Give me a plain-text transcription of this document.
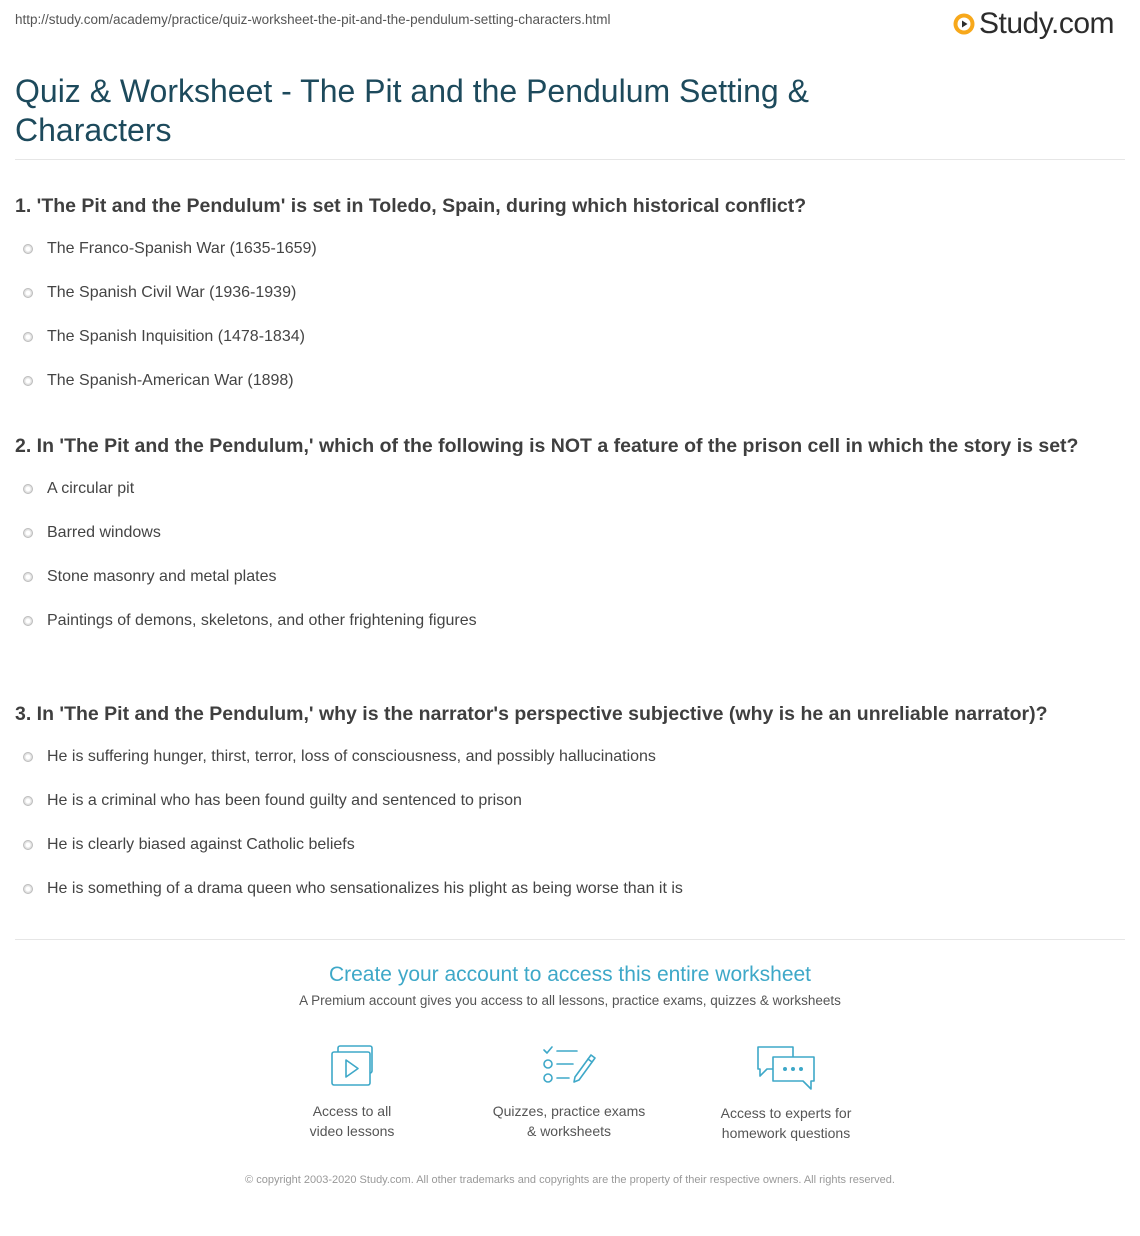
http://study.com/academy/practice/quiz-worksheet-the-pit-and-the-pendulum-setting-characters.html	Study.com
Quiz & Worksheet - The Pit and the Pendulum Setting & Characters

1. 'The Pit and the Pendulum' is set in Toledo, Spain, during which historical conflict?

The Franco-Spanish War (1635-1659)
The Spanish Civil War (1936-1939)
The Spanish Inquisition (1478-1834)
The Spanish-American War (1898)

2. In 'The Pit and the Pendulum,' which of the following is NOT a feature of the prison cell in which the story is set?

A circular pit
Barred windows
Stone masonry and metal plates
Paintings of demons, skeletons, and other frightening figures

3. In 'The Pit and the Pendulum,' why is the narrator's perspective subjective (why is he an unreliable narrator)?

He is suffering hunger, thirst, terror, loss of consciousness, and possibly hallucinations
He is a criminal who has been found guilty and sentenced to prison
He is clearly biased against Catholic beliefs
He is something of a drama queen who sensationalizes his plight as being worse than it is

Create your account to access this entire worksheet

A Premium account gives you access to all lessons, practice exams, quizzes & worksheets
Access to all
video lessons
Quizzes, practice exams
& worksheets
Access to experts for
homework questions
© copyright 2003-2020 Study.com. All other trademarks and copyrights are the property of their respective owners. All rights reserved.
